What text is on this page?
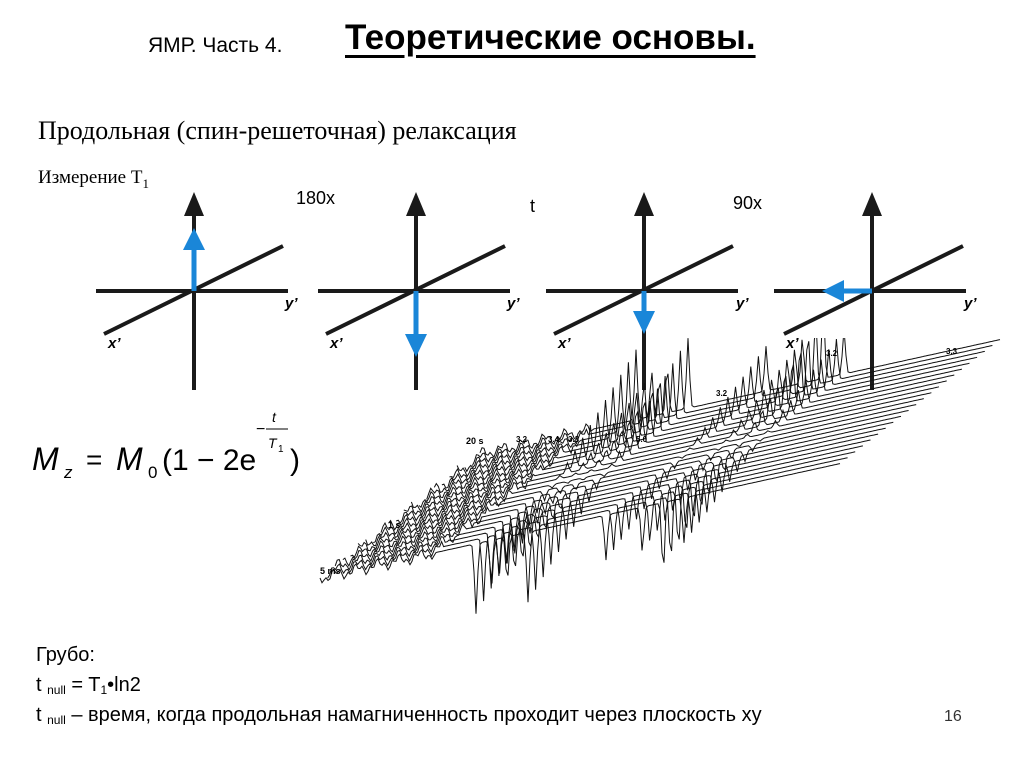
ЯМР. Часть 4. Теоретические основы.
Продольная (спин-решеточная) релаксация
Измерение $T_1$
180x	t	90x
y’
x’
y’
x’
y’
x’
y’
x’
M z = M 0 (1 − 2e
−
t
T 1 )
20 s
1 s
5 ms
3.2	3.4 3.3	5.0
3.2
3.2	3.3
Грубо:
t null = T1•ln2
t null – время, когда продольная намагниченность проходит через плоскость xy	16
